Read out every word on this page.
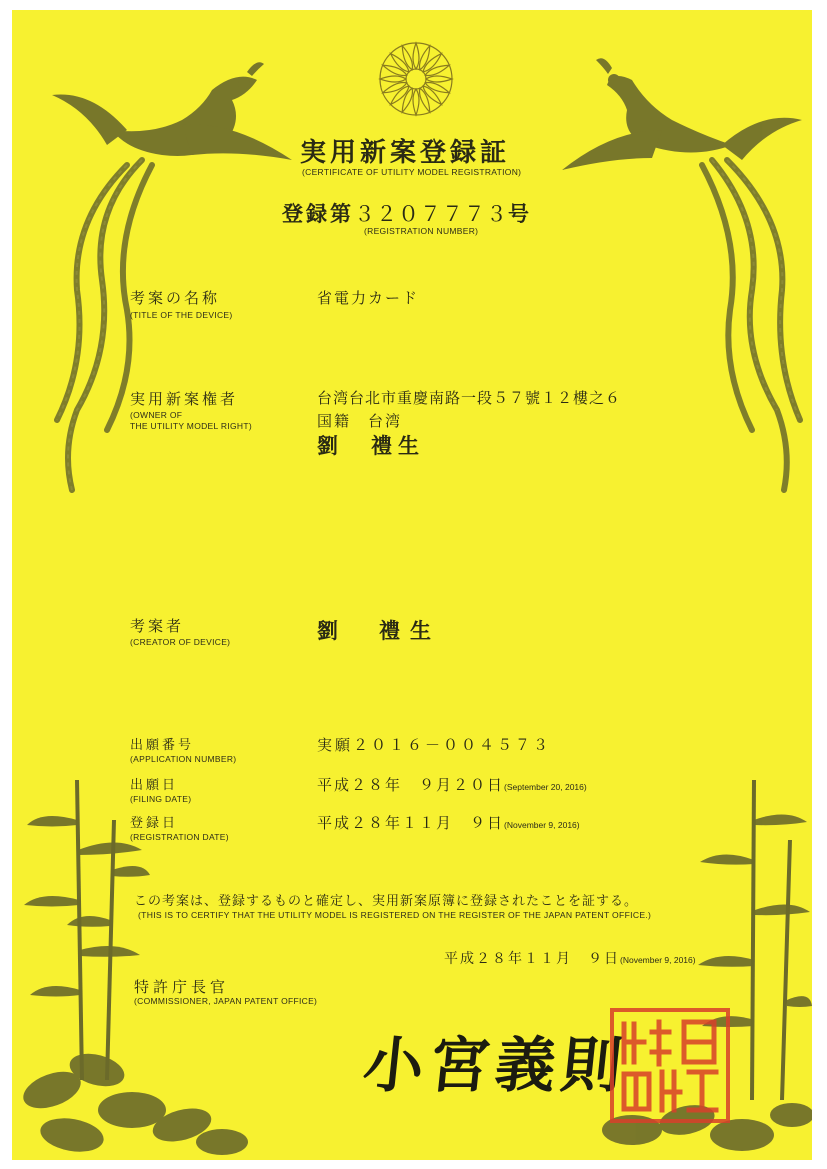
実用新案登録証
(CERTIFICATE OF UTILITY MODEL REGISTRATION)
登録第３２０７７７３号
(REGISTRATION NUMBER)
考案の名称
(TITLE OF THE DEVICE)
省電力カード
実用新案権者
(OWNER OF
THE UTILITY MODEL RIGHT)
台湾台北市重慶南路一段５７號１２樓之６
国籍　台湾
劉　禮生
考案者
(CREATOR OF DEVICE)	劉　禮生
出願番号
(APPLICATION NUMBER)
実願２０１６－００４５７３
出願日
(FILING DATE)
平成２８年　９月２０日(September 20, 2016)
登録日
(REGISTRATION DATE)
平成２８年１１月　９日(November 9, 2016)
この考案は、登録するものと確定し、実用新案原簿に登録されたことを証する。
(THIS IS TO CERTIFY THAT THE UTILITY MODEL IS REGISTERED ON THE REGISTER OF THE JAPAN PATENT OFFICE.)
平成２８年１１月　９日(November 9, 2016)
特許庁長官
(COMMISSIONER, JAPAN PATENT OFFICE)
小宮義則
